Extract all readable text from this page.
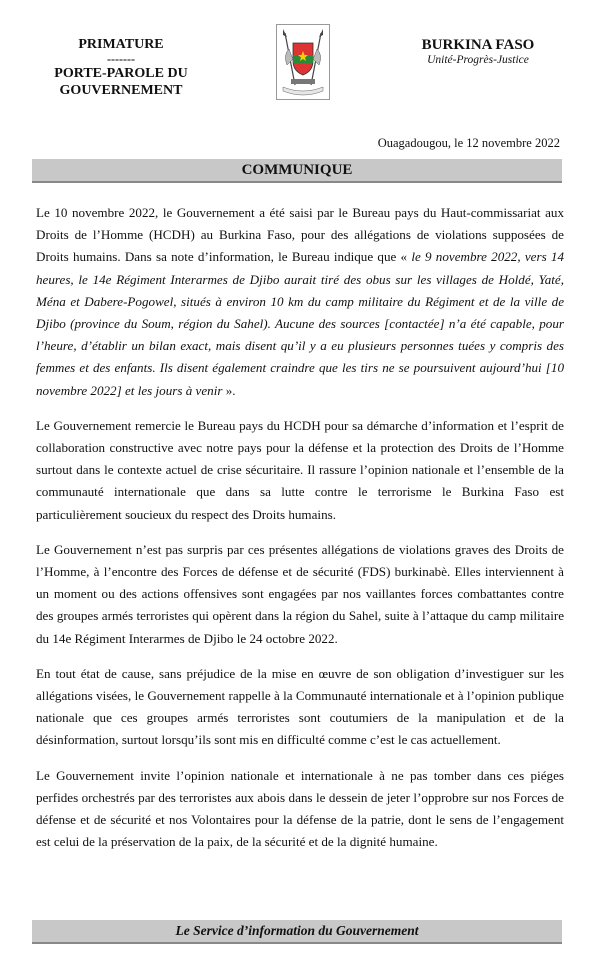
PRIMATURE
-------
PORTE-PAROLE DU
GOUVERNEMENT
BURKINA FASO
Unité-Progrès-Justice
Ouagadougou, le 12 novembre 2022
COMMUNIQUE

Le 10 novembre 2022, le Gouvernement a été saisi par le Bureau pays du Haut-commissariat aux Droits de l’Homme (HCDH) au Burkina Faso, pour des allégations de violations supposées de Droits humains. Dans sa note d’information, le Bureau indique que « le 9 novembre 2022, vers 14 heures, le 14e Régiment Interarmes de Djibo aurait tiré des obus sur les villages de Holdé, Yaté, Ména et Dabere-Pogowel, situés à environ 10 km du camp militaire du Régiment et de la ville de Djibo (province du Soum, région du Sahel). Aucune des sources [contactée] n’a été capable, pour l’heure, d’établir un bilan exact, mais disent qu’il y a eu plusieurs personnes tuées y compris des femmes et des enfants. Ils disent également craindre que les tirs ne se poursuivent aujourd’hui [10 novembre 2022] et les jours à venir ».

Le Gouvernement remercie le Bureau pays du HCDH pour sa démarche d’information et l’esprit de collaboration constructive avec notre pays pour la défense et la protection des Droits de l’Homme surtout dans le contexte actuel de crise sécuritaire. Il rassure l’opinion nationale et l’ensemble de la communauté internationale que dans sa lutte contre le terrorisme le Burkina Faso est particulièrement soucieux du respect des Droits humains.

Le Gouvernement n’est pas surpris par ces présentes allégations de violations graves des Droits de l’Homme, à l’encontre des Forces de défense et de sécurité (FDS) burkinabè. Elles interviennent à un moment ou des actions offensives sont engagées par nos vaillantes forces combattantes contre des groupes armés terroristes qui opèrent dans la région du Sahel, suite à l’attaque du camp militaire du 14e Régiment Interarmes de Djibo le 24 octobre 2022.

En tout état de cause, sans préjudice de la mise en œuvre de son obligation d’investiguer sur les allégations visées, le Gouvernement rappelle à la Communauté internationale et à l’opinion publique nationale que ces groupes armés terroristes sont coutumiers de la manipulation et de la désinformation, surtout lorsqu’ils sont mis en difficulté comme c’est le cas actuellement.

Le Gouvernement invite l’opinion nationale et internationale à ne pas tomber dans ces piéges perfides orchestrés par des terroristes aux abois dans le dessein de jeter l’opprobre sur nos Forces de défense et de sécurité et nos Volontaires pour la défense de la patrie, dont le sens de l’engagement est celui de la préservation de la paix, de la sécurité et de la dignité humaine.

Le Service d’information du Gouvernement
